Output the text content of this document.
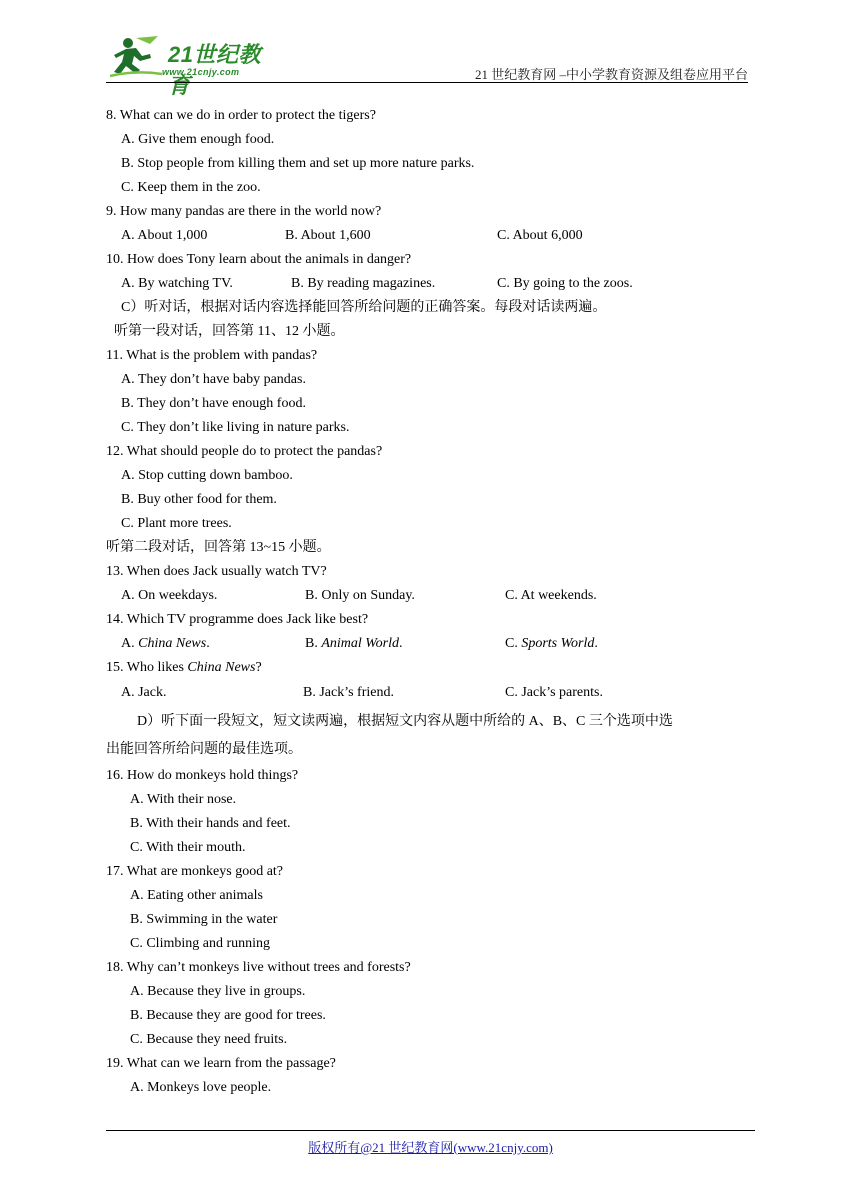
21世纪教育
www.21cnjy.com	21 世纪教育网 –中小学教育资源及组卷应用平台
8. What can we do in order to protect the tigers?
A. Give them enough food.
B. Stop people from killing them and set up more nature parks.
C. Keep them in the zoo.
9. How many pandas are there in the world now?
A. About 1,000	B. About 1,600	C. About 6,000
10. How does Tony learn about the animals in danger?
A. By watching TV.	B. By reading magazines.	C. By going to the zoos.
C）听对话，根据对话内容选择能回答所给问题的正确答案。每段对话读两遍。
听第一段对话，回答第 11、12 小题。
11. What is the problem with pandas?
A. They don’t have baby pandas.
B. They don’t have enough food.
C. They don’t like living in nature parks.
12. What should people do to protect the pandas?
A. Stop cutting down bamboo.
B. Buy other food for them.
C. Plant more trees.
听第二段对话，回答第 13~15 小题。
13. When does Jack usually watch TV?
A. On weekdays.	B. Only on Sunday.	C. At weekends.
14. Which TV programme does Jack like best?
A. China News.	B. Animal World.	C. Sports World.
15. Who likes China News?
A. Jack.	B. Jack’s friend.	C. Jack’s parents.
D）听下面一段短文，短文读两遍，根据短文内容从题中所给的 A、B、C 三个选项中选
出能回答所给问题的最佳选项。
16. How do monkeys hold things?
A. With their nose.
B. With their hands and feet.
C. With their mouth.
17. What are monkeys good at?
A. Eating other animals
B. Swimming in the water
C. Climbing and running
18. Why can’t monkeys live without trees and forests?
A. Because they live in groups.
B. Because they are good for trees.
C. Because they need fruits.
19. What can we learn from the passage?
A. Monkeys love people.
版权所有@21 世纪教育网(www.21cnjy.com)
